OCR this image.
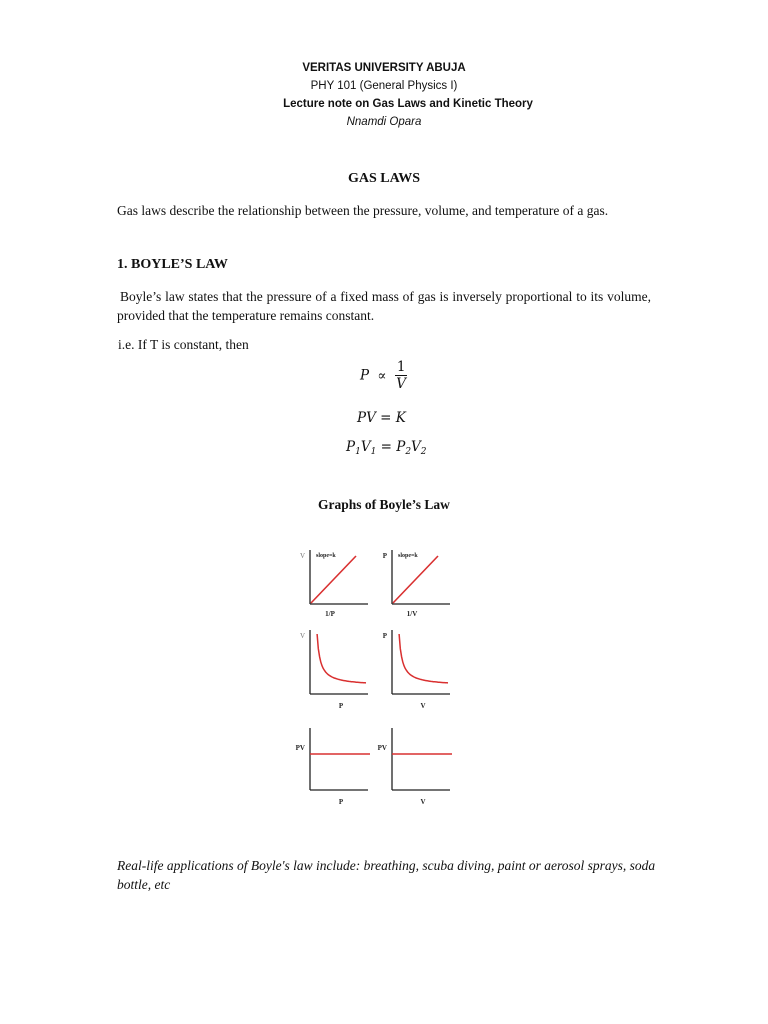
VERITAS UNIVERSITY ABUJA
PHY 101 (General Physics I)
Lecture note on Gas Laws and Kinetic Theory
Nnamdi Opara
GAS LAWS
Gas laws describe the relationship between the pressure, volume, and temperature of a gas.
1. BOYLE’S LAW
Boyle’s law states that the pressure of a fixed mass of gas is inversely proportional to its volume, provided that the temperature remains constant.
i.e. If T is constant, then
$P \propto \frac{1}{V}$
PV = K
$P_1V_1 = P_2V_2$
Graphs of Boyle’s Law
V
1/P
slope=k	P
1/V
slope=k
V
P
P
V
PV
P
PV
V
Real-life applications of Boyle's law include: breathing, scuba diving, paint or aerosol sprays, soda bottle, etc
